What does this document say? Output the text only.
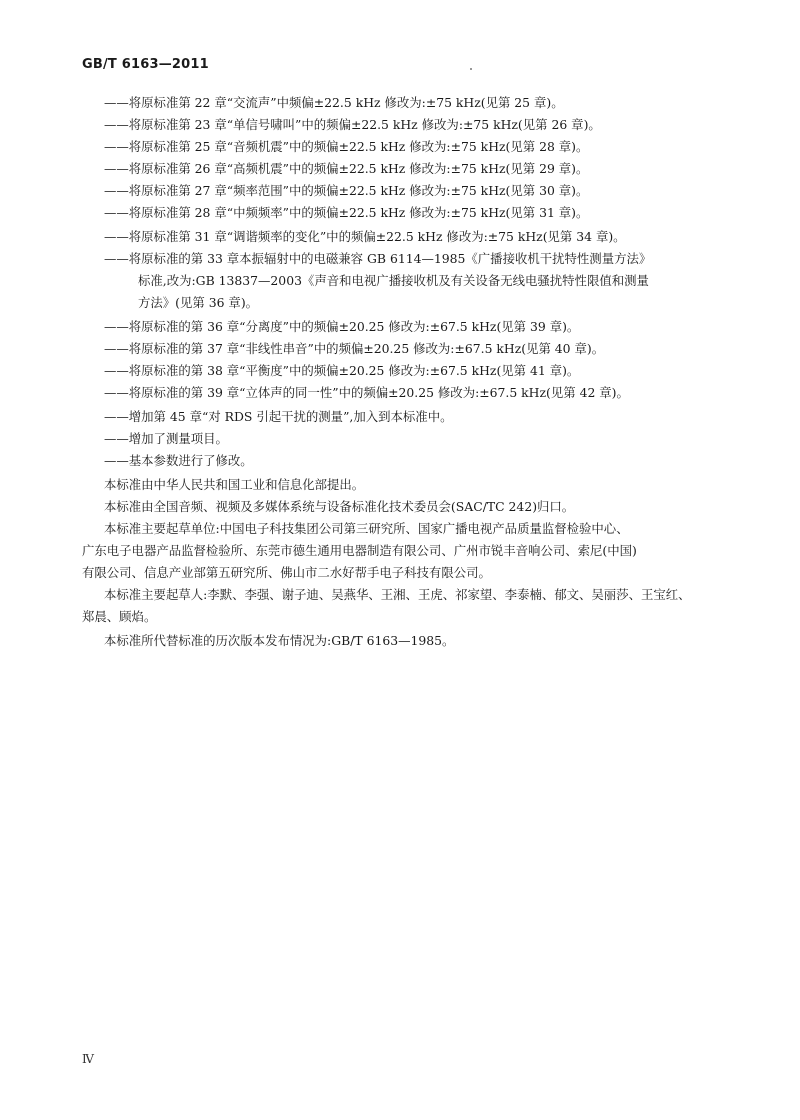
GB/T 6163—2011
——将原标准第 22 章“交流声”中频偏±22.5 kHz 修改为:±75 kHz(见第 25 章)。
——将原标准第 23 章“单信号啸叫”中的频偏±22.5 kHz 修改为:±75 kHz(见第 26 章)。
——将原标准第 25 章“音频机震”中的频偏±22.5 kHz 修改为:±75 kHz(见第 28 章)。
——将原标准第 26 章“高频机震”中的频偏±22.5 kHz 修改为:±75 kHz(见第 29 章)。
——将原标准第 27 章“频率范围”中的频偏±22.5 kHz 修改为:±75 kHz(见第 30 章)。
——将原标准第 28 章“中频频率”中的频偏±22.5 kHz 修改为:±75 kHz(见第 31 章)。
——将原标准第 31 章“调谐频率的变化”中的频偏±22.5 kHz 修改为:±75 kHz(见第 34 章)。
——将原标准的第 33 章本振辐射中的电磁兼容 GB 6114—1985《广播接收机干扰特性测量方法》
标准,改为:GB 13837—2003《声音和电视广播接收机及有关设备无线电骚扰特性限值和测量
方法》(见第 36 章)。
——将原标准的第 36 章“分离度”中的频偏±20.25 修改为:±67.5 kHz(见第 39 章)。
——将原标准的第 37 章“非线性串音”中的频偏±20.25 修改为:±67.5 kHz(见第 40 章)。
——将原标准的第 38 章“平衡度”中的频偏±20.25 修改为:±67.5 kHz(见第 41 章)。
——将原标准的第 39 章“立体声的同一性”中的频偏±20.25 修改为:±67.5 kHz(见第 42 章)。
——增加第 45 章“对 RDS 引起干扰的测量”,加入到本标准中。
——增加了测量项目。
——基本参数进行了修改。
本标准由中华人民共和国工业和信息化部提出。
本标准由全国音频、视频及多媒体系统与设备标准化技术委员会(SAC/TC 242)归口。
本标准主要起草单位:中国电子科技集团公司第三研究所、国家广播电视产品质量监督检验中心、
广东电子电器产品监督检验所、东莞市德生通用电器制造有限公司、广州市锐丰音响公司、索尼(中国)
有限公司、信息产业部第五研究所、佛山市二水好帮手电子科技有限公司。
本标准主要起草人:李默、李强、谢子迪、吴燕华、王湘、王虎、祁家望、李泰楠、郁文、吴丽莎、王宝红、
郑晨、顾焰。
本标准所代替标准的历次版本发布情况为:GB/T 6163—1985。
Ⅳ
